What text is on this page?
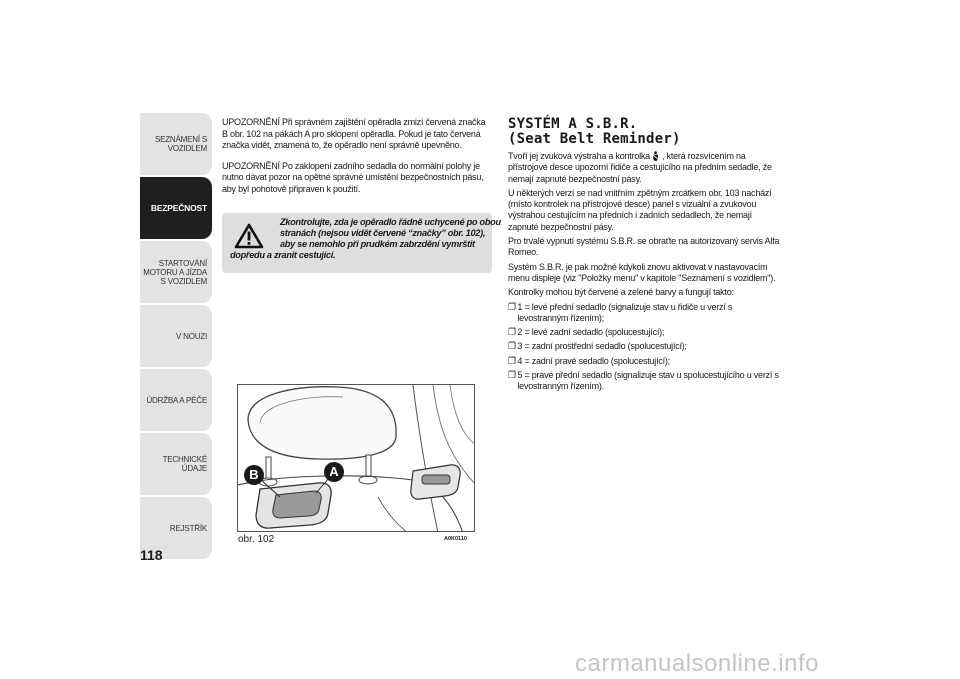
SEZNÁMENÍ S VOZIDLEM
BEZPEČNOST
STARTOVÁNÍ MOTORU A JÍZDA S VOZIDLEM
V NOUZI
ÚDRŽBA A PÉČE
TECHNICKÉ ÚDAJE
REJSTŘÍK
118

UPOZORNĚNÍ Při správném zajištění opěradla zmizí červená značka B obr. 102 na pákách A pro sklopení opěradla. Pokud je tato červená značka vidět, znamená to, že opěradlo není správně upevněno.

UPOZORNĚNÍ Po zaklopení zadního sedadla do normální polohy je nutno dávat pozor na opětné správné umístění bezpečnostních pásu, aby byl pohotově připraven k použití.

Zkontrolujte, zda je opěradlo řádně uchycené po obou
stranách (nejsou vidět červené “značky” obr. 102),
aby se nemohlo při prudkém zabrzdění vymrštit
dopředu a zranit cestující.
B	A
obr. 102	A0K0110
SYSTÉM A S.B.R.
(Seat Belt Reminder)

Tvoří jej zvuková výstraha a kontrolka , která rozsvícením na přístrojové desce upozorní řidiče a cestujícího na předním sedadle, že nemají zapnuté bezpečnostní pásy.

U některých verzí se nad vnitřním zpětným zrcátkem obr. 103 nachází (místo kontrolek na přístrojové desce) panel s vizuální a zvukovou výstrahou cestujícím na předních i zadních sedadlech, že nemají zapnuté bezpečnostní pásy.

Pro trvalé vypnutí systému S.B.R. se obraťte na autorizovaný servis Alfa Romeo.

Systém S.B.R. je pak možné kdykoli znovu aktivovat v nastavovacím menu displeje (viz "Položky menu" v kapitole "Seznámení s vozidlem").

Kontrolky mohou být červené a zelené barvy a fungují takto:

❐ 1 = levé přední sedadlo (signalizuje stav u řidiče u verzí s levostranným řízením);
❐ 2 = levé zadní sedadlo (spolucestující);
❐ 3 = zadní prostřední sedadlo (spolucestující);
❐ 4 = zadní pravé sedadlo (spolucestující);
❐ 5 = pravé přední sedadlo (signalizuje stav u spolucestujícího u verzí s levostranným řízením).
carmanualsonline.info
